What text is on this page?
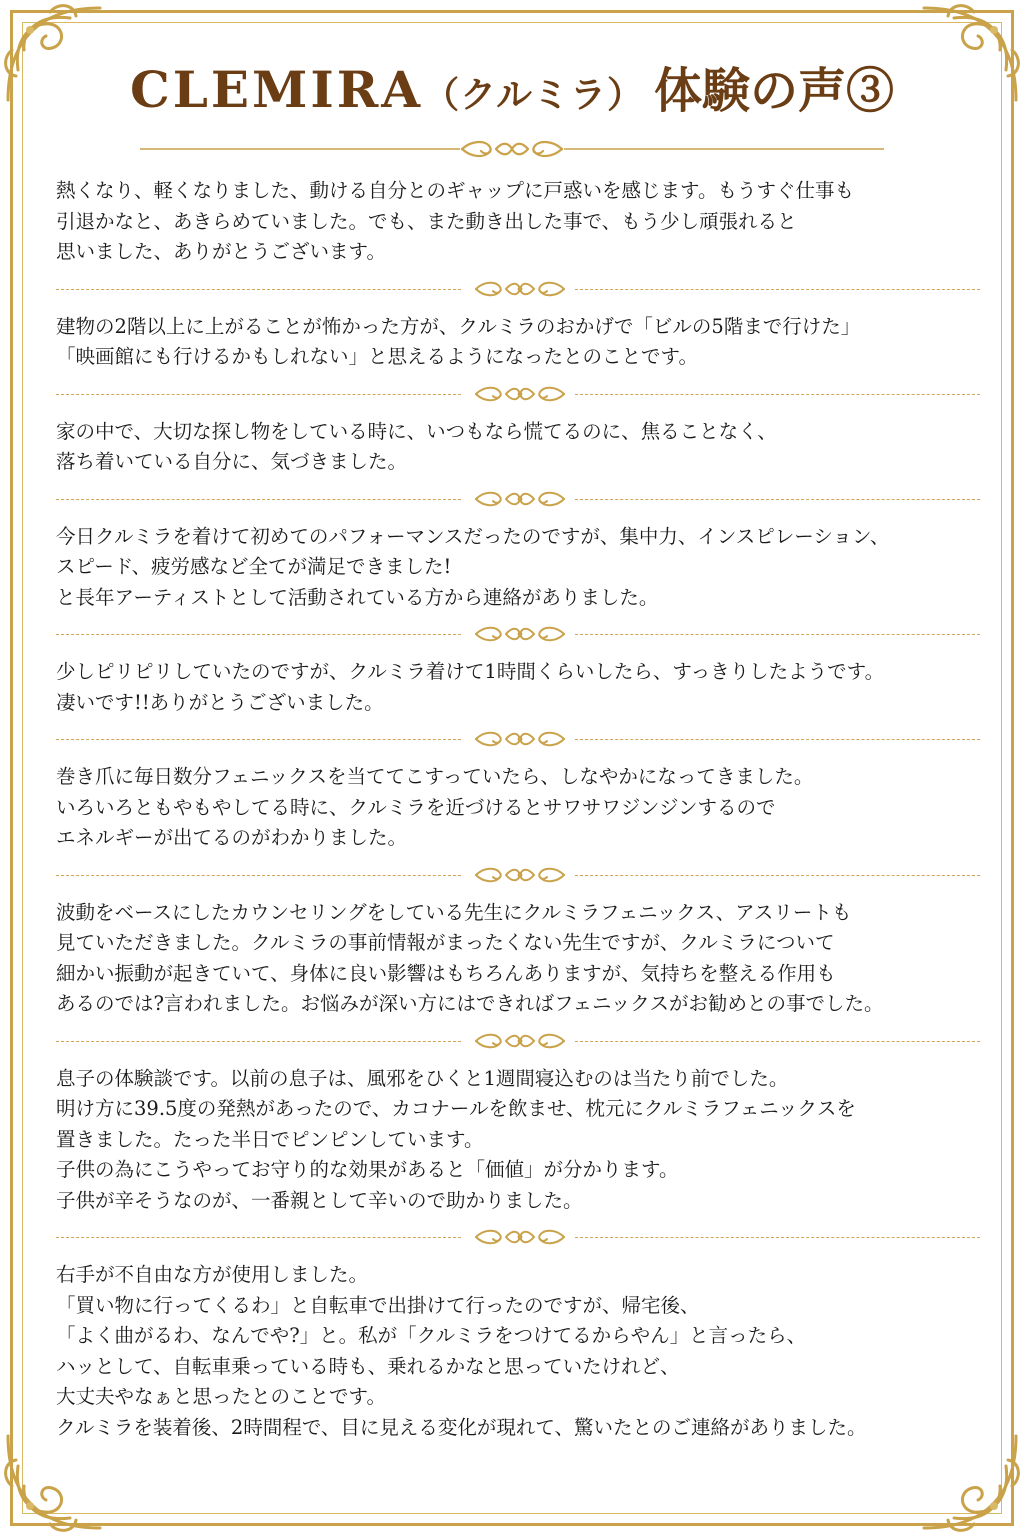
CLEMIRA（クルミラ） 体験の声③
熱くなり、軽くなりました、動ける自分とのギャップに戸惑いを感じます。もうすぐ仕事も
引退かなと、あきらめていました。でも、また動き出した事で、もう少し頑張れると
思いました、ありがとうございます。
建物の2階以上に上がることが怖かった方が、クルミラのおかげで「ビルの5階まで行けた」
「映画館にも行けるかもしれない」と思えるようになったとのことです。
家の中で、大切な探し物をしている時に、いつもなら慌てるのに、焦ることなく、
落ち着いている自分に、気づきました。
今日クルミラを着けて初めてのパフォーマンスだったのですが、集中力、インスピレーション、
スピード、疲労感など全てが満足できました!
と長年アーティストとして活動されている方から連絡がありました。
少しピリピリしていたのですが、クルミラ着けて1時間くらいしたら、すっきりしたようです。
凄いです!!ありがとうございました。
巻き爪に毎日数分フェニックスを当ててこすっていたら、しなやかになってきました。
いろいろともやもやしてる時に、クルミラを近づけるとサワサワジンジンするので
エネルギーが出てるのがわかりました。
波動をベースにしたカウンセリングをしている先生にクルミラフェニックス、アスリートも
見ていただきました。クルミラの事前情報がまったくない先生ですが、クルミラについて
細かい振動が起きていて、身体に良い影響はもちろんありますが、気持ちを整える作用も
あるのでは?言われました。お悩みが深い方にはできればフェニックスがお勧めとの事でした。
息子の体験談です。以前の息子は、風邪をひくと1週間寝込むのは当たり前でした。
明け方に39.5度の発熱があったので、カコナールを飲ませ、枕元にクルミラフェニックスを
置きました。たった半日でピンピンしています。
子供の為にこうやってお守り的な効果があると「価値」が分かります。
子供が辛そうなのが、一番親として辛いので助かりました。
右手が不自由な方が使用しました。
「買い物に行ってくるわ」と自転車で出掛けて行ったのですが、帰宅後、
「よく曲がるわ、なんでや?」と。私が「クルミラをつけてるからやん」と言ったら、
ハッとして、自転車乗っている時も、乗れるかなと思っていたけれど、
大丈夫やなぁと思ったとのことです。
クルミラを装着後、2時間程で、目に見える変化が現れて、驚いたとのご連絡がありました。
